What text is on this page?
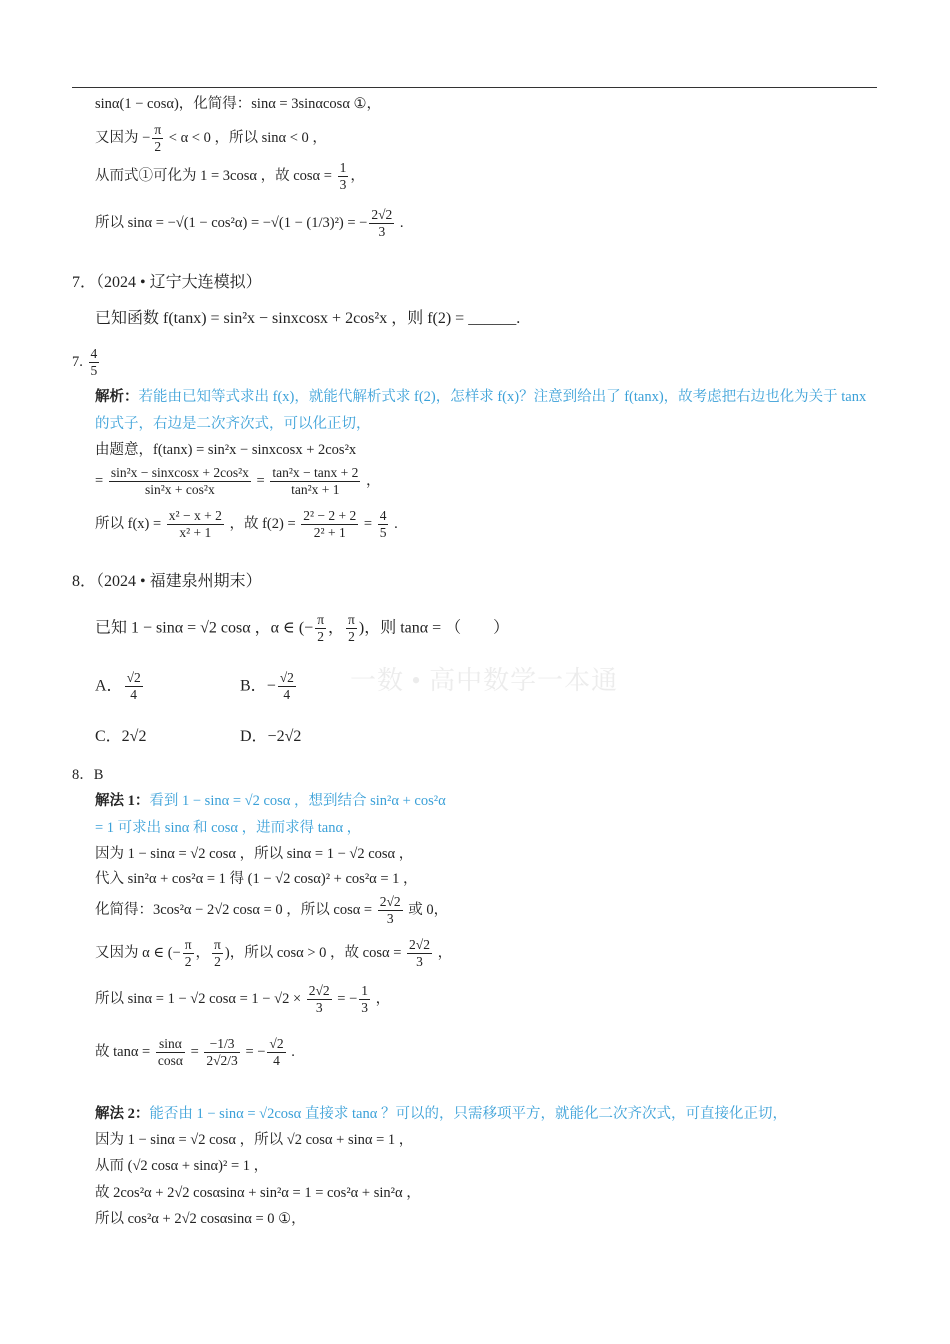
一数 • 高中数学一本通
sinα(1 − cosα)，化简得：sinα = 3sinαcosα ①，
又因为 − $\frac{\pi}{2} < \alpha < 0$ ，所以 sinα < 0 ，
从而式①可化为 1 = 3cosα ，故 $\cos\alpha = \frac{1}{3}$ ，
所以 sinα = −√(1 − cos²α) = −√(1 − (1/3)²) = − $\frac{2√2}{3}$ .
7．（2024 • 辽宁大连模拟）
已知函数 f(tanx) = sin²x − sinxcosx + 2cos²x ，则 f(2) = ______.
7. $\frac{4}{5}$
解析：若能由已知等式求出 f(x)，就能代解析式求 f(2)，怎样求 f(x)？注意到给出了 f(tanx)，故考虑把右边也化为关于 tanx
的式子，右边是二次齐次式，可以化正切，
由题意，f(tanx) = sin²x − sinxcosx + 2cos²x
= $\frac{\text{sin²x − sinxcosx + 2cos²x}}{\text{sin²x + cos²x}} = \frac{\text{tan²x − tanx + 2}}{\text{tan²x + 1}}$ ，
所以 $f(x) = \frac{\text{x² − x + 2}}{\text{x² + 1}}$ ，故 $f(2) = \frac{\text{2² − 2 + 2}}{\text{2² + 1}} = \frac{4}{5}$ .
8．（2024 • 福建泉州期末）
已知 1 − sinα = √2 cosα ，α ∈ (− $\frac{\pi}{2}$ ， $\frac{\pi}{2}$ )，则 tanα = （　　）
A． $\frac{√2}{4}$	B．− $\frac{√2}{4}$
C．2√2	D．−2√2
8．B
解法 1：看到 1 − sinα = √2 cosα ，想到结合 sin²α + cos²α
= 1 可求出 sinα 和 cosα ，进而求得 tanα ，
因为 1 − sinα = √2 cosα ，所以 sinα = 1 − √2 cosα ，
代入 sin²α + cos²α = 1 得 (1 − √2 cosα)² + cos²α = 1 ，
化简得：3cos²α − 2√2 cosα = 0 ，所以 $\cos\alpha = \frac{2√2}{3}$ 或 0，
又因为 α ∈ (− $\frac{\pi}{2}$ ， $\frac{\pi}{2}$ )，所以 cosα > 0 ，故 $\cos\alpha = \frac{2√2}{3}$ ，
所以 sinα = 1 − √2 $\cos\alpha = 1 - √2 \times \frac{2√2}{3}$ = − $\frac{1}{3}$ ，
故 $\tan\alpha = \frac{\sin\alpha}{\cos\alpha} = \frac{-1/3}{2√2/3}$ = − $\frac{√2}{4}$ .
解法 2：能否由 1 − sinα = √2cosα 直接求 tanα ？可以的，只需移项平方，就能化二次齐次式，可直接化正切，
因为 1 − sinα = √2 cosα ，所以 √2 cosα + sinα = 1 ，
从而 (√2 cosα + sinα)² = 1 ，
故 2cos²α + 2√2 cosαsinα + sin²α = 1 = cos²α + sin²α ，
所以 cos²α + 2√2 cosαsinα = 0 ①，
